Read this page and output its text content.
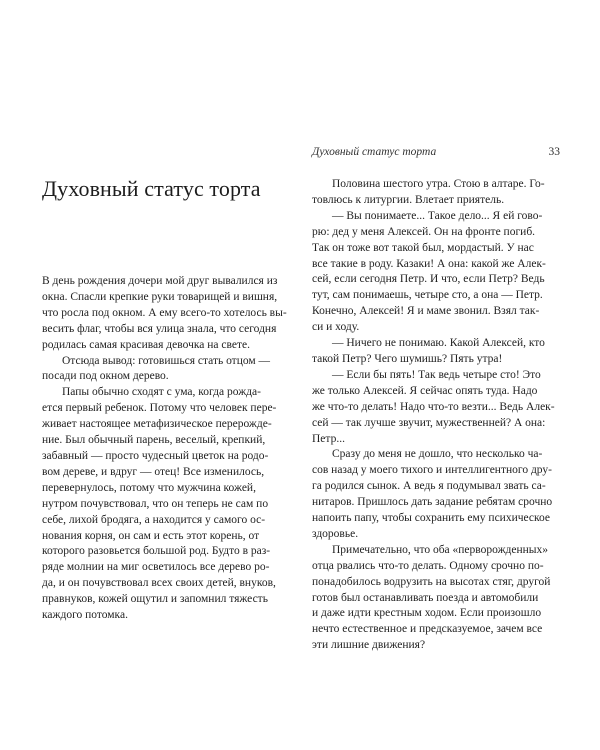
Духовный статус торта	33
Духовный статус торта
В день рождения дочери мой друг вывалился из
окна. Спасли крепкие руки товарищей и вишня,
что росла под окном. А ему всего-то хотелось вы-
весить флаг, чтобы вся улица знала, что сегодня
родилась самая красивая девочка на свете.
Отсюда вывод: готовишься стать отцом —
посади под окном дерево.
Папы обычно сходят с ума, когда рожда-
ется первый ребенок. Потому что человек пере-
живает настоящее метафизическое перерожде-
ние. Был обычный парень, веселый, крепкий,
забавный — просто чудесный цветок на родо-
вом дереве, и вдруг — отец! Все изменилось,
перевернулось, потому что мужчина кожей,
нутром почувствовал, что он теперь не сам по
себе, лихой бродяга, а находится у самого ос-
нования корня, он сам и есть этот корень, от
которого разовьется большой род. Будто в раз-
ряде молнии на миг осветилось все дерево ро-
да, и он почувствовал всех своих детей, внуков,
правнуков, кожей ощутил и запомнил тяжесть
каждого потомка.
Половина шестого утра. Стою в алтаре. Го-
товлюсь к литургии. Влетает приятель.
— Вы понимаете... Такое дело... Я ей гово-
рю: дед у меня Алексей. Он на фронте погиб.
Так он тоже вот такой был, мордастый. У нас
все такие в роду. Казаки! А она: какой же Алек-
сей, если сегодня Петр. И что, если Петр? Ведь
тут, сам понимаешь, четыре сто, а она — Петр.
Конечно, Алексей! Я и маме звонил. Взял так-
си и ходу.
— Ничего не понимаю. Какой Алексей, кто
такой Петр? Чего шумишь? Пять утра!
— Если бы пять! Так ведь четыре сто! Это
же только Алексей. Я сейчас опять туда. Надо
же что-то делать! Надо что-то везти... Ведь Алек-
сей — так лучше звучит, мужественней? А она:
Петр...
Сразу до меня не дошло, что несколько ча-
сов назад у моего тихого и интеллигентного дру-
га родился сынок. А ведь я подумывал звать са-
нитаров. Пришлось дать задание ребятам срочно
напоить папу, чтобы сохранить ему психическое
здоровье.
Примечательно, что оба «перворожденных»
отца рвались что-то делать. Одному срочно по-
понадобилось водрузить на высотах стяг, другой
готов был останавливать поезда и автомобили
и даже идти крестным ходом. Если произошло
нечто естественное и предсказуемое, зачем все
эти лишние движения?
